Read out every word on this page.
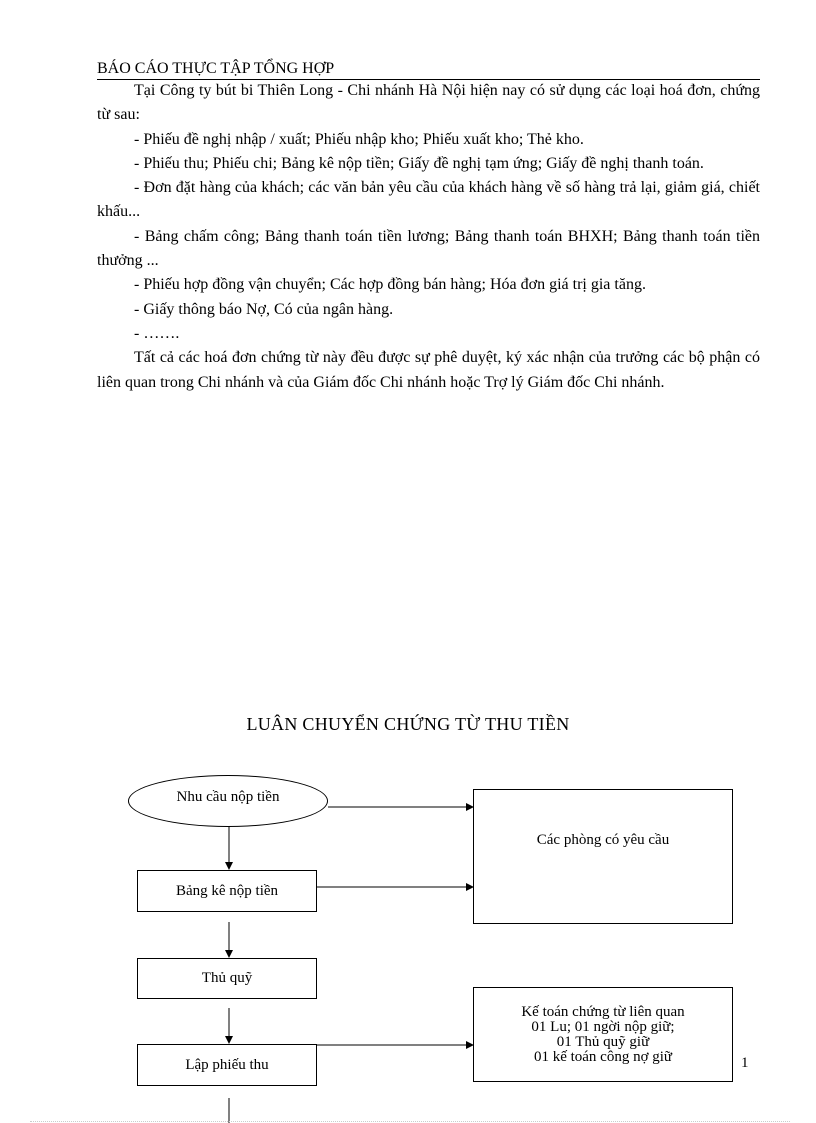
BÁO CÁO THỰC TẬP TỔNG HỢP

Tại Công ty bút bi Thiên Long - Chi nhánh Hà Nội hiện nay có sử dụng các loại hoá đơn, chứng từ sau:

- Phiếu đề nghị nhập / xuất; Phiếu nhập kho; Phiếu xuất kho; Thẻ kho.

- Phiếu thu; Phiếu chi; Bảng kê nộp tiền; Giấy đề nghị tạm ứng; Giấy đề nghị thanh toán.

- Đơn đặt hàng của khách; các văn bản yêu cầu của khách hàng về số hàng trả lại, giảm giá, chiết khấu...

- Bảng chấm công; Bảng thanh toán tiền lương; Bảng thanh toán BHXH; Bảng thanh toán tiền thưởng ...

- Phiếu hợp đồng vận chuyển; Các hợp đồng bán hàng; Hóa đơn giá trị gia tăng.

- Giấy thông báo Nợ, Có của ngân hàng.

- …….

Tất cả các hoá đơn chứng từ này đều được sự phê duyệt, ký xác nhận của trưởng các bộ phận có liên quan trong Chi nhánh và của Giám đốc Chi nhánh hoặc Trợ lý Giám đốc Chi nhánh.

LUÂN CHUYỂN CHỨNG TỪ THU TIỀN
Nhu cầu nộp tiền
Bảng kê nộp tiền
Thủ quỹ
Lập phiếu thu
Các phòng có yêu cầu
Kế toán chứng từ liên quan
01 Lu; 01 ngời nộp giữ;
01 Thủ quỹ giữ
01 kế toán công nợ giữ	1
